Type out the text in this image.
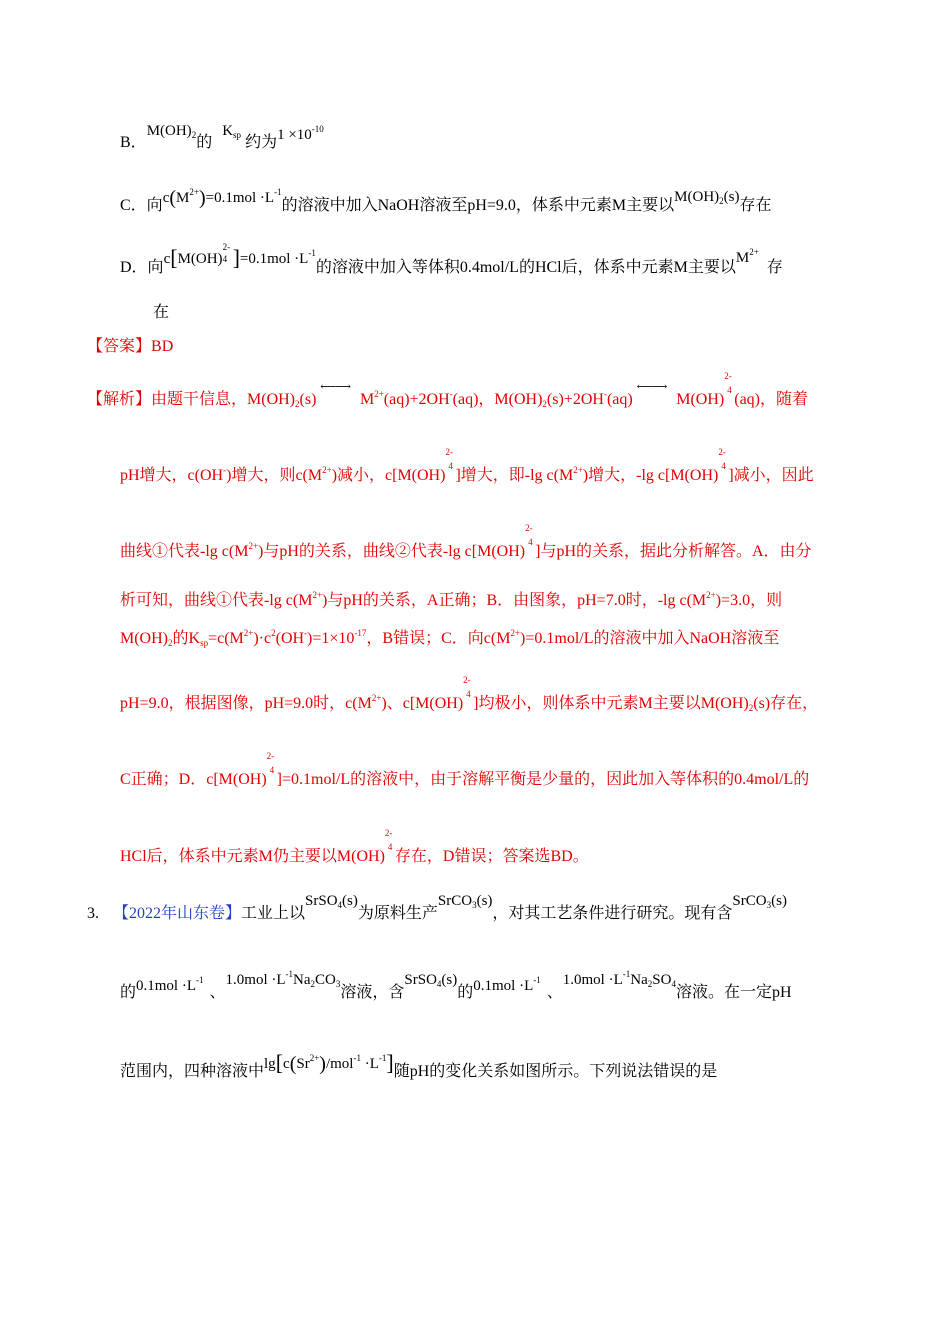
B．$M(OH)_2$的$K_{sp}$ 约为$1 \times 10^{-10}$
C．向$c(M^{2+})=0.1mol \cdot L^{-1}$的溶液中加入NaOH溶液至pH=9.0，体系中元素M主要以$M(OH)_2(s)$存在
D．向c[M(OH)
2-
4 ]$=0.1mol \cdot L^{-1}$的溶液中加入等体积0.4mol/L的HCl后，体系中元素M主要以$M^{2+}$存
在
【答案】BD
【解析】由题干信息，$M(OH)_2(s)⟵⟶M^{2+}(aq)+2OH^-(aq)$，$M(OH)_2(s)+2OH^-(aq)⟵⟶M(OH)$
2-
4
(aq)，随着
pH增大，c(OH-)增大，则$c(M^{2+})$减小，c[M(OH)
2-
4
]增大，即-lg $c(M^{2+})$增大，-lg c[M(OH)
2-
4
]减小，因此
曲线①代表-lg $c(M^{2+})$与pH的关系，曲线②代表-lg c[M(OH)
2-
4
]与pH的关系，据此分析解答。A．由分
析可知，曲线①代表-lg $c(M^{2+})$与pH的关系，A正确；B．由图象，pH=7.0时，-lg $c(M^{2+})=3.0$，则
$M(OH)_2$的$K_{sp}=c(M^{2+})\cdot c^2(OH^-)=1\times 10^{-17}$，B错误；C．向$c(M^{2+})=0.1mol/L$的溶液中加入NaOH溶液至
pH=9.0，根据图像，pH=9.0时，$c(M^{2+})$、c[M(OH)
2-
4
]均极小，则体系中元素M主要以$M(OH)_2(s)$存在，
C正确；D．c[M(OH)
2-
4
]=0.1mol/L的溶液中，由于溶解平衡是少量的，因此加入等体积的0.4mol/L的
HCl后，体系中元素M仍主要以M(OH)
2-
4
存在，D错误；答案选BD。
3. 【2022年山东卷】工业上以SrSO$_4$(s)为原料生产SrCO$_3$(s)，对其工艺条件进行研究。现有含SrCO$_3$(s)
的$0.1mol \cdot L^{-1}$、$1.0mol \cdot L^{-1}Na_2CO_3$溶液，含SrSO$_4$(s)的$0.1mol \cdot L^{-1}$、$1.0mol \cdot L^{-1}Na_2SO_4$溶液。在一定pH
范围内，四种溶液中$\lg[c(Sr^{2+})/mol^{-1} \cdot L^{-1}]$随pH的变化关系如图所示。下列说法错误的是
